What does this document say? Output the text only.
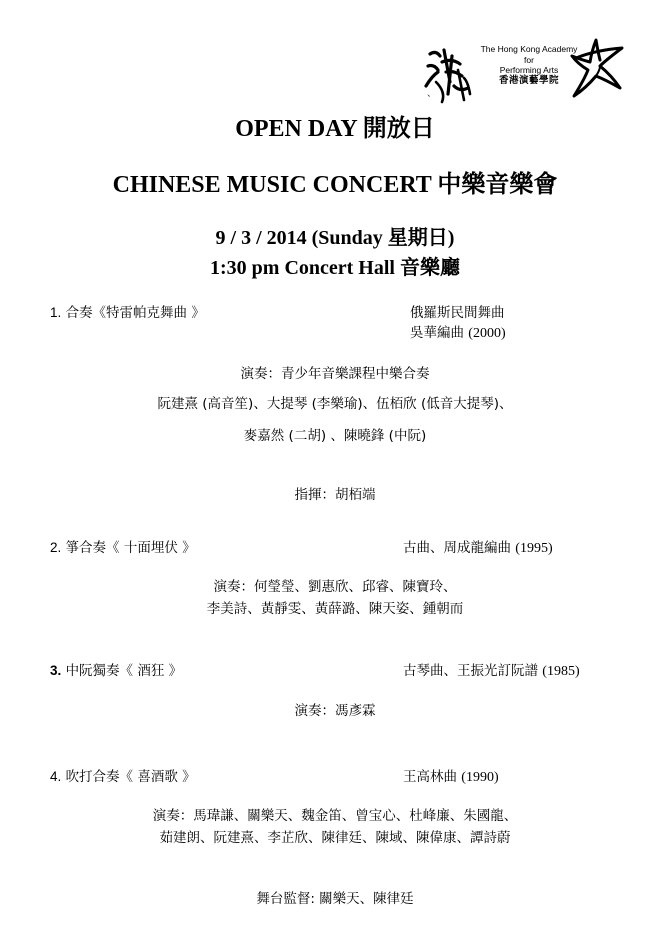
The Hong Kong Academy
for
Performing Arts
香港演藝學院
、
OPEN DAY 開放日
CHINESE MUSIC CONCERT 中樂音樂會
9 / 3 / 2014 (Sunday 星期日)
1:30 pm Concert Hall 音樂廳
1. 合奏《特雷帕克舞曲 》	俄羅斯民間舞曲
吳華編曲 (2000)
演奏：青少年音樂課程中樂合奏
阮建熹 (高音笙)、大提琴 (李樂瑜)、伍栢欣 (低音大提琴)、
麥嘉然 (二胡) 、陳曉鋒 (中阮)
指揮：胡栢端
2. 箏合奏《 十面埋伏 》	古曲、周成龍編曲 (1995)
演奏：何瑩瑩、劉惠欣、邱睿、陳寶玲、
李美詩、黃靜雯、黃薛潞、陳天姿、鍾朝而
3. 中阮獨奏《 酒狂 》	古琴曲、王振光訂阮譜 (1985)
演奏：馮彥霖
4. 吹打合奏《 喜酒歌 》	王高林曲 (1990)
演奏：馬瑋謙、關樂天、魏金笛、曾宝心、杜峰廉、朱國龍、
茹建朗、阮建熹、李芷欣、陳律廷、陳域、陳偉康、譚詩蔚
舞台監督: 關樂天、陳律廷
